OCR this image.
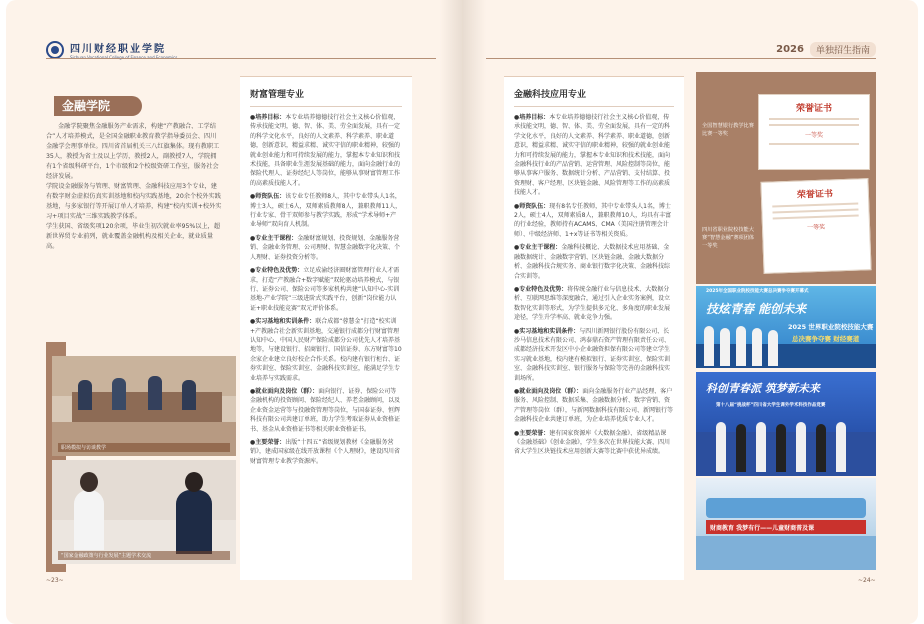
四川财经职业学院	2026	单独招生指南
金融学院
金融学院聚焦金融服务产业需求，构建“产教融合、工学结合”人才培养模式，是全国金融职业教育教学指导委员会、四川金融学会理事单位。四川省首届机关三八红旗集体。现有教职工35人，教授为省士及以上学历，教授2人，副教授7人，学院拥有1个省级科研平台，1个市级和2个校级资研工作室，服务社会经济发展。
学院设金融服务与管理、财富管理、金融科技应用3个专业，建有数字财金虚拟仿真实训基地和校内实践基地，20余个校外实践基地，与多家银行等开展订单人才培养，构建“校内实训+校外实习+项目实战”三维实践教学体系。
学生获国、省级奖项120余项，毕业生初次就业率95%以上，超新世界贸专业前列，就业覆盖金融机构及相关企业，就业质量高。
职场模拟与访谈教学
“国家金融政策与行业发展”主题学术交流
财富管理专业
●培养目标：本专业培养德德技行社会主义核心价值观，传承技能文明，德、智、体、美、劳全面发展，具有一定的科学文化水平，良好的人文素养、科学素养、职业道德，创新意识，精益求精、诚实守信的职业精神，较强的就业创业能力和可持续发展的能力，掌握本专业知识和技术技能，具备职业生涯发展基础的能力，面向金融行业的保险代理人、证券经纪人等岗位，能够从事财富管理工作的高素质技能人才。
●师资队伍：该专业专任教师8人，其中专业带头人1名，博士3人，硕士6人，双师素质教师8人，兼职教师11人，行业专家、骨干双师参与教学实践，形成“学术导师+产业导师”双向育人机制。
●专业主干课程：金融财富规划、投资规划、金融服务营销、金融业务管理、公司理财、智慧金融数字化决策、个人理财、证券投资分析等。
●专业特色及优势：立足成渝经济圈财富管理行业人才需求，打造“产教融合+数字赋能”双轮驱动培养模式，与银行、证券公司、保险公司等多家机构共建“认知中心-实训基地-产业学院”三级进阶式实践平台，创新“岗位能力认证+职业技能竞赛”双元评价体系。
●实习基地和实训条件：联合成都“蓉慧金”打造“校实训+产教融合社会新实训基地，交通银行成都分行财富管理认知中心、中国人民财产保险成都分公司优先人才培养基地等，与建设银行、招商银行、国信证券、东方财富等10余家企业建立良好校企合作关系。校内建有银行柜台、证券实训室、保险实训室、金融科技实训室，能满足学生专业培养与实践需求。
●就业面向及岗位（群）：面向银行、证券、保险公司等金融机构的投资顾问、保险经纪人、养老金融顾问，以及企业资金运营等与投融资管理等岗位，与国泰证券、恒辉科技有限公司共建订单班，助力学生考取证券从业资格证书、基金从业资格证书等相关职业资格证书。
●主要荣誉：出版“十四五”省级规划教材《金融服务营销》，建成国家级在线开放课程《个人理财》，建设四川省财富管理专业教学资源库。
~23~
金融科技应用专业
●培养目标：本专业培养德德技行社会主义核心价值观，传承技能文明，德、智、体、美、劳全面发展，具有一定的科学文化水平，良好的人文素养、科学素养、职业道德，创新意识，精益求精、诚实守信的职业精神，较强的就业创业能力和可持续发展的能力，掌握本专业知识和技术技能，面向金融科技行业的产品营销、运营管理、风险控制等岗位，能够从事客户服务、数据统计分析、产品营销、支付结算、投资理财、客户经理、区块链金融、风险管理等工作的高素质技能人才。
●师资队伍：现有8名专任教师，其中专业带头人1名，博士2人，硕士4人，双师素质8人，兼职教师10人，均具有丰富的行业经验，教师持有ACAMS、CMA（美国注册管理会计师）、中级经济师、1+x等证书等相关资质。
●专业主干课程：金融科技概论、大数据技术应用基础、金融数据统计、金融数字营销、区块链金融、金融大数据分析、金融科技合规实务、商业银行数字化决策、金融科技综合实训等。
●专业特色及优势：将传统金融行业与信息技术、大数据分析、互联网思维等深度融合，通过引入企业实务案例，设立数智化实训等形式，为学生提供多元化、多角度的职业发展途径，学生升学率高、就业竞争力强。
●实习基地和实训条件：与四川新网银行股份有限公司、长沙马信息技术有限公司、鸿泰鼎石资产管理有限责任公司、成都经济技术开发区中小企业融资担保有限公司等建立学生实习就业基地，校内建有模拟银行、证券实训室、保险实训室、金融科技实训室、银行服务与保险等完善的金融科技实训场所。
●就业面向及岗位（群）：面向金融服务行业产品经理、客户服务、风险控制、数据采集、金融数据分析、数字营销、资产管理等岗位（群），与新网数据科技有限公司、新网银行等金融科技企业共建订单班，为企业培养优质专业人才。
●主要荣誉：建有国家资源库《大数据金融》、省级精品课《金融基础》《创业金融》，学生多次在世界技能大赛、四川省大学生区块链技术应用创新大赛等比赛中获优异成绩。
荣誉证书
一等奖
全国智慧银行教学比赛比赛一等奖
荣誉证书
一等奖
四川省职业院校技能大赛“智慧金融”赛项团体一等奖
2025年全国职业院校技能大赛总决赛争夺赛开幕式
技炫青春 能创未来
2025 世界职业院校技能大赛
总决赛争夺赛 财经赛道
科创青春派 筑梦新未来
第十八届“挑战杯”四川省大学生课外学术科技作品竞赛
财商教育 我梦有行——儿童财商普及课
~24~
